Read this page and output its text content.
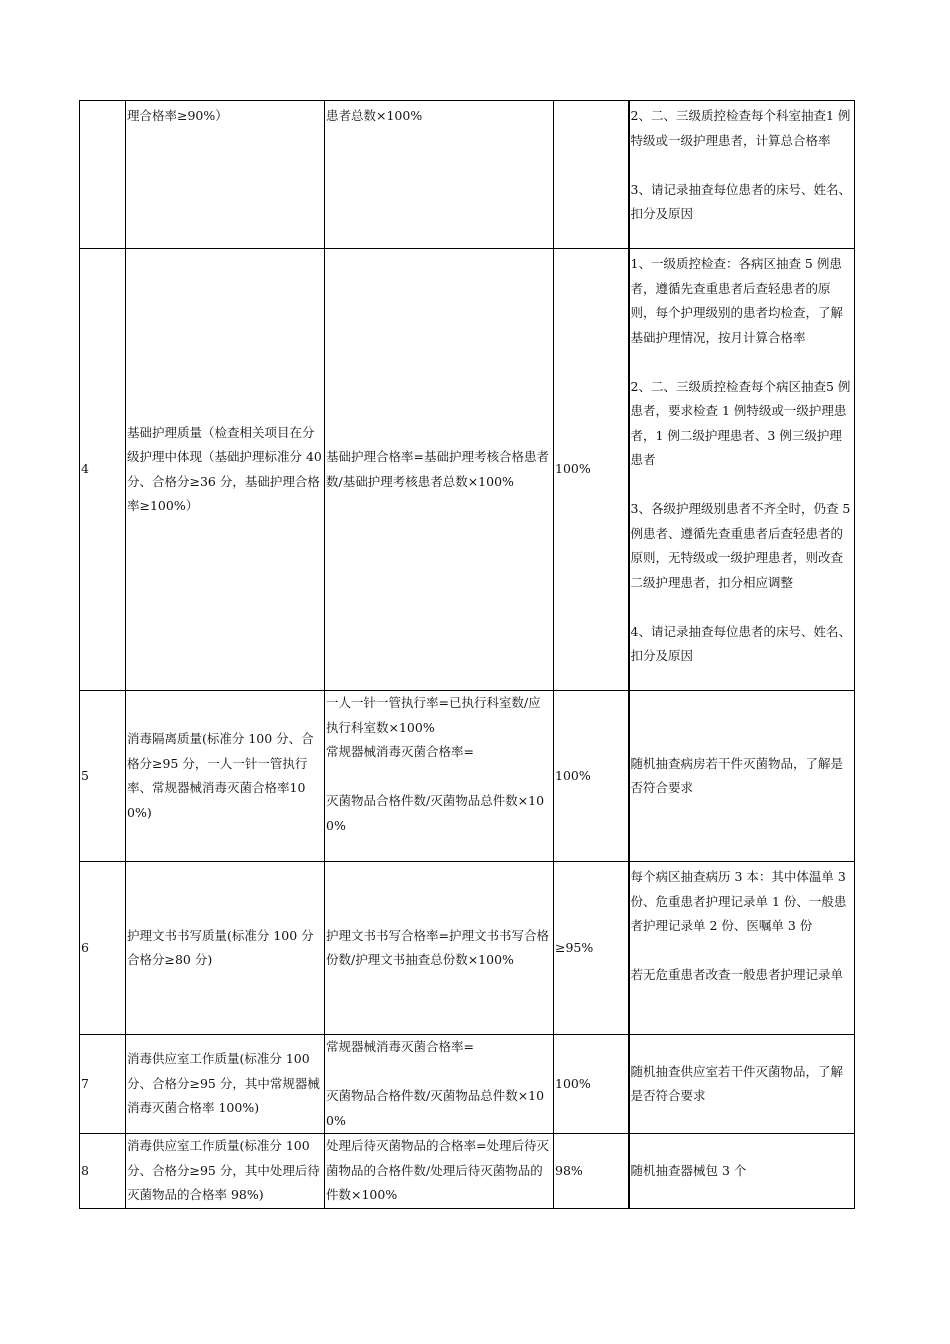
	理合格率≥90%）	患者总数×100%		2、二、三级质控检查每个科室抽查1 例特级或一级护理患者，计算总合格率
3、请记录抽查每位患者的床号、姓名、扣分及原因

4	基础护理质量（检查相关项目在分级护理中体现（基础护理标准分 40 分、合格分≥36 分，基础护理合格率≥100%）	基础护理合格率=基础护理考核合格患者数/基础护理考核患者总数×100%	100%	1、一级质控检查：各病区抽查 5 例患者，遵循先查重患者后查轻患者的原则，每个护理级别的患者均检查，了解基础护理情况，按月计算合格率
2、二、三级质控检查每个病区抽查5 例患者，要求检查 1 例特级或一级护理患者，1 例二级护理患者、3 例三级护理患者
3、各级护理级别患者不齐全时，仍查 5 例患者、遵循先查重患者后查轻患者的原则，无特级或一级护理患者，则改查二级护理患者，扣分相应调整
4、请记录抽查每位患者的床号、姓名、扣分及原因

5	消毒隔离质量(标准分 100 分、合格分≥95 分，一人一针一管执行率、常规器械消毒灭菌合格率100%)	一人一针一管执行率=已执行科室数/应执行科室数×100%
常规器械消毒灭菌合格率=
灭菌物品合格件数/灭菌物品总件数×100%	100%	随机抽查病房若干件灭菌物品，了解是否符合要求

6	护理文书书写质量(标准分 100 分合格分≥80 分)	护理文书书写合格率=护理文书书写合格份数/护理文书抽查总份数×100%	≥95%	每个病区抽查病历 3 本：其中体温单 3 份、危重患者护理记录单 1 份、一般患者护理记录单 2 份、医嘱单 3 份
若无危重患者改查一般患者护理记录单

7	消毒供应室工作质量(标准分 100 分、合格分≥95 分，其中常规器械消毒灭菌合格率 100%)	常规器械消毒灭菌合格率=
灭菌物品合格件数/灭菌物品总件数×100%	100%	随机抽查供应室若干件灭菌物品，了解是否符合要求

8	消毒供应室工作质量(标准分 100 分、合格分≥95 分，其中处理后待灭菌物品的合格率 98%)	处理后待灭菌物品的合格率=处理后待灭菌物品的合格件数/处理后待灭菌物品的件数×100%	98%	随机抽查器械包 3 个
